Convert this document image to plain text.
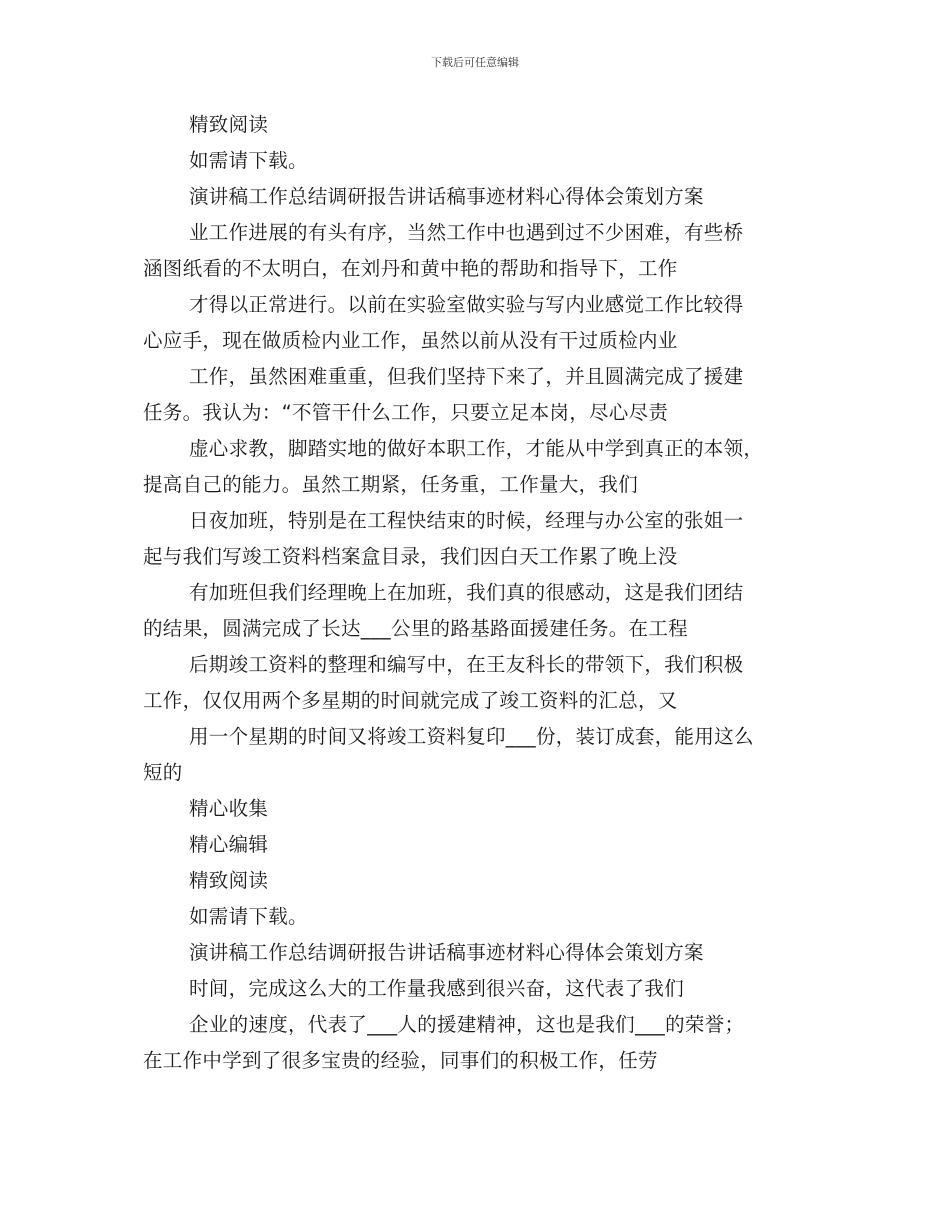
下载后可任意编辑
精致阅读
如需请下载。
演讲稿工作总结调研报告讲话稿事迹材料心得体会策划方案
业工作进展的有头有序，当然工作中也遇到过不少困难，有些桥
涵图纸看的不太明白，在刘丹和黄中艳的帮助和指导下，工作
才得以正常进行。以前在实验室做实验与写内业感觉工作比较得
心应手，现在做质检内业工作，虽然以前从没有干过质检内业
工作，虽然困难重重，但我们坚持下来了，并且圆满完成了援建
任务。我认为：“不管干什么工作，只要立足本岗，尽心尽责
虚心求教，脚踏实地的做好本职工作，才能从中学到真正的本领，
提高自己的能力。虽然工期紧，任务重，工作量大，我们
日夜加班，特别是在工程快结束的时候，经理与办公室的张姐一
起与我们写竣工资料档案盒目录，我们因白天工作累了晚上没
有加班但我们经理晚上在加班，我们真的很感动，这是我们团结
的结果，圆满完成了长达___公里的路基路面援建任务。在工程
后期竣工资料的整理和编写中，在王友科长的带领下，我们积极
工作，仅仅用两个多星期的时间就完成了竣工资料的汇总，又
用一个星期的时间又将竣工资料复印___份，装订成套，能用这么
短的
精心收集
精心编辑
精致阅读
如需请下载。
演讲稿工作总结调研报告讲话稿事迹材料心得体会策划方案
时间，完成这么大的工作量我感到很兴奋，这代表了我们
企业的速度，代表了___人的援建精神，这也是我们___的荣誉；
在工作中学到了很多宝贵的经验，同事们的积极工作，任劳
